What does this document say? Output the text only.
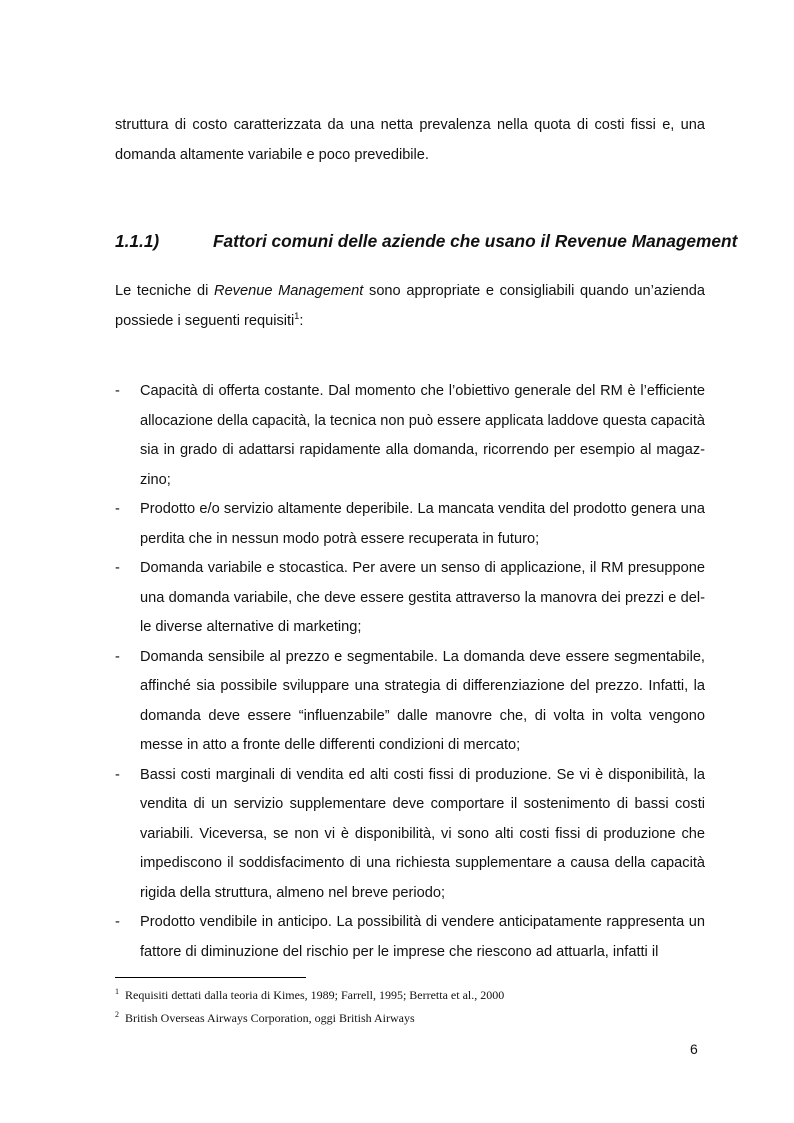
struttura di costo caratterizzata da una netta prevalenza nella quota di costi fissi e, una domanda altamente variabile e poco prevedibile.

1.1.1)	Fattori comuni delle aziende che usano il Revenue Management

Le tecniche di Revenue Management sono appropriate e consigliabili quando un’azienda possiede i seguenti requisiti$^1$:

- Capacità di offerta costante. Dal momento che l’obiettivo generale del RM è l’efficiente allocazione della capacità, la tecnica non può essere applicata laddove questa capacità sia in grado di adattarsi rapidamente alla domanda, ricorrendo per esempio al magazzino;
- Prodotto e/o servizio altamente deperibile. La mancata vendita del prodotto genera una perdita che in nessun modo potrà essere recuperata in futuro;
- Domanda variabile e stocastica. Per avere un senso di applicazione, il RM presuppone una domanda variabile, che deve essere gestita attraverso la manovra dei prezzi e delle diverse alternative di marketing;
- Domanda sensibile al prezzo e segmentabile. La domanda deve essere segmentabile, affinché sia possibile sviluppare una strategia di differenziazione del prezzo. Infatti, la domanda deve essere “influenzabile” dalle manovre che, di volta in volta vengono messe in atto a fronte delle differenti condizioni di mercato;
- Bassi costi marginali di vendita ed alti costi fissi di produzione. Se vi è disponibilità, la vendita di un servizio supplementare deve comportare il sostenimento di bassi costi variabili. Viceversa, se non vi è disponibilità, vi sono alti costi fissi di produzione che impediscono il soddisfacimento di una richiesta supplementare a causa della capacità rigida della struttura, almeno nel breve periodo;
- Prodotto vendibile in anticipo. La possibilità di vendere anticipatamente rappresenta un fattore di diminuzione del rischio per le imprese che riescono ad attuarla, infatti il
$^1$ Requisiti dettati dalla teoria di Kimes, 1989; Farrell, 1995; Berretta et al., 2000
$^2$ British Overseas Airways Corporation, oggi British Airways
6
